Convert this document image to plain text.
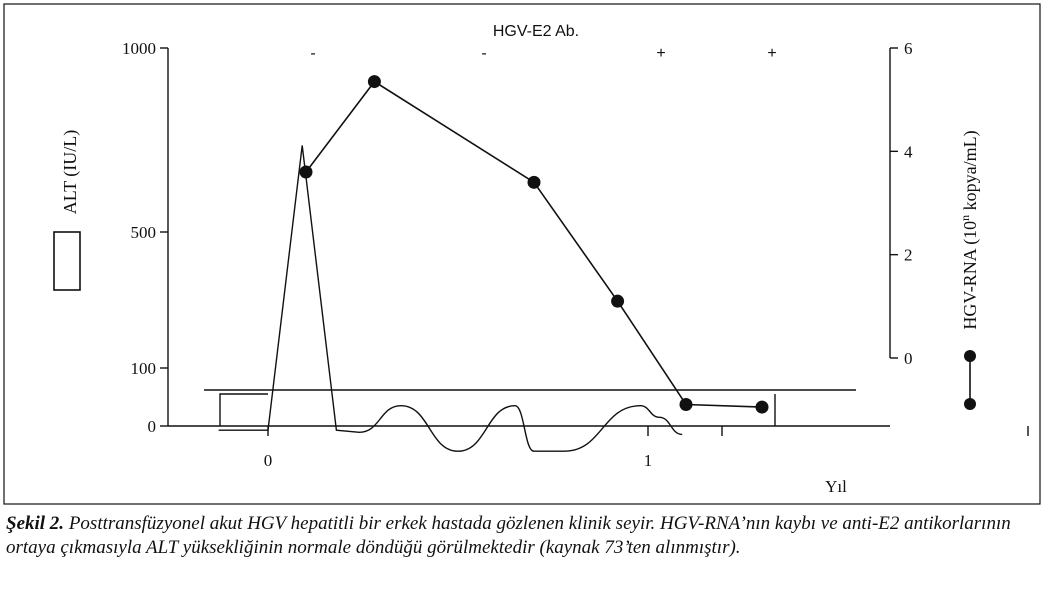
HGV-E2 Ab.
-	-	+	+
1000
500
100
0
ALT (IU/L)
0	1
Yıl
6
4
2
0
HGV-RNA (10$^n$ kopya/mL)
Şekil 2. Posttransfüzyonel akut HGV hepatitli bir erkek hastada gözlenen klinik seyir. HGV-RNA’nın kaybı ve anti-E2 antikorlarının ortaya çıkmasıyla ALT yüksekliğinin normale döndüğü görülmektedir (kaynak 73’ten alınmıştır).
